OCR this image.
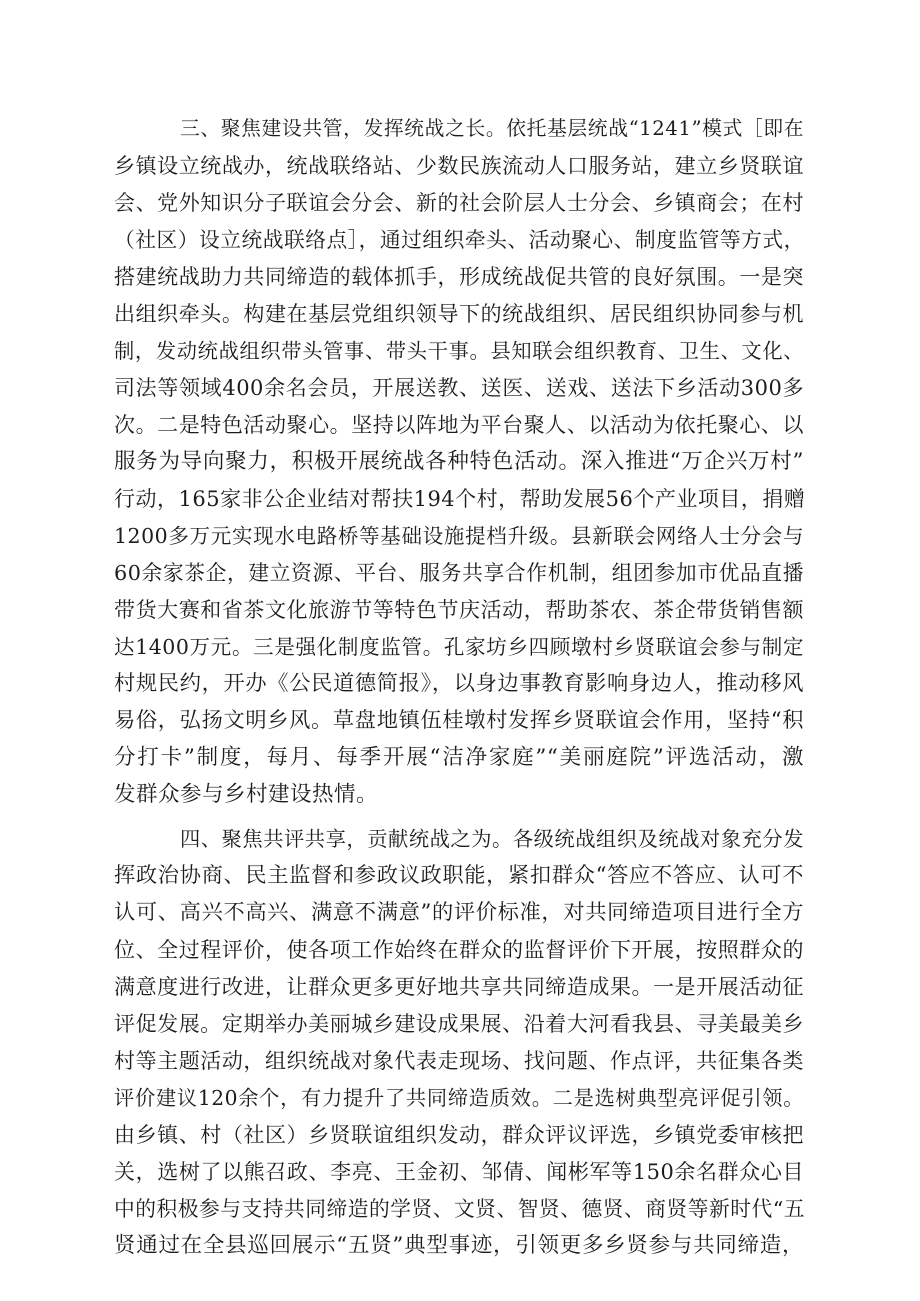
三、聚焦建设共管，发挥统战之长。依托基层统战“1241”模式［即在
乡镇设立统战办，统战联络站、少数民族流动人口服务站，建立乡贤联谊
会、党外知识分子联谊会分会、新的社会阶层人士分会、乡镇商会；在村
（社区）设立统战联络点］，通过组织牵头、活动聚心、制度监管等方式，
搭建统战助力共同缔造的载体抓手，形成统战促共管的良好氛围。一是突
出组织牵头。构建在基层党组织领导下的统战组织、居民组织协同参与机
制，发动统战组织带头管事、带头干事。县知联会组织教育、卫生、文化、
司法等领域400余名会员，开展送教、送医、送戏、送法下乡活动300多
次。二是特色活动聚心。坚持以阵地为平台聚人、以活动为依托聚心、以
服务为导向聚力，积极开展统战各种特色活动。深入推进“万企兴万村”
行动，165家非公企业结对帮扶194个村，帮助发展56个产业项目，捐赠
1200多万元实现水电路桥等基础设施提档升级。县新联会网络人士分会与
60余家茶企，建立资源、平台、服务共享合作机制，组团参加市优品直播
带货大赛和省茶文化旅游节等特色节庆活动，帮助茶农、茶企带货销售额
达1400万元。三是强化制度监管。孔家坊乡四顾墩村乡贤联谊会参与制定
村规民约，开办《公民道德简报》，以身边事教育影响身边人，推动移风
易俗，弘扬文明乡风。草盘地镇伍桂墩村发挥乡贤联谊会作用，坚持“积
分打卡”制度，每月、每季开展“洁净家庭”“美丽庭院”评选活动，激
发群众参与乡村建设热情。
四、聚焦共评共享，贡献统战之为。各级统战组织及统战对象充分发
挥政治协商、民主监督和参政议政职能，紧扣群众“答应不答应、认可不
认可、高兴不高兴、满意不满意”的评价标准，对共同缔造项目进行全方
位、全过程评价，使各项工作始终在群众的监督评价下开展，按照群众的
满意度进行改进，让群众更多更好地共享共同缔造成果。一是开展活动征
评促发展。定期举办美丽城乡建设成果展、沿着大河看我县、寻美最美乡
村等主题活动，组织统战对象代表走现场、找问题、作点评，共征集各类
评价建议120余个，有力提升了共同缔造质效。二是选树典型亮评促引领。
由乡镇、村（社区）乡贤联谊组织发动，群众评议评选，乡镇党委审核把
关，选树了以熊召政、李亮、王金初、邹倩、闻彬军等150余名群众心目
中的积极参与支持共同缔造的学贤、文贤、智贤、德贤、商贤等新时代“五
贤通过在全县巡回展示“五贤”典型事迹，引领更多乡贤参与共同缔造，
